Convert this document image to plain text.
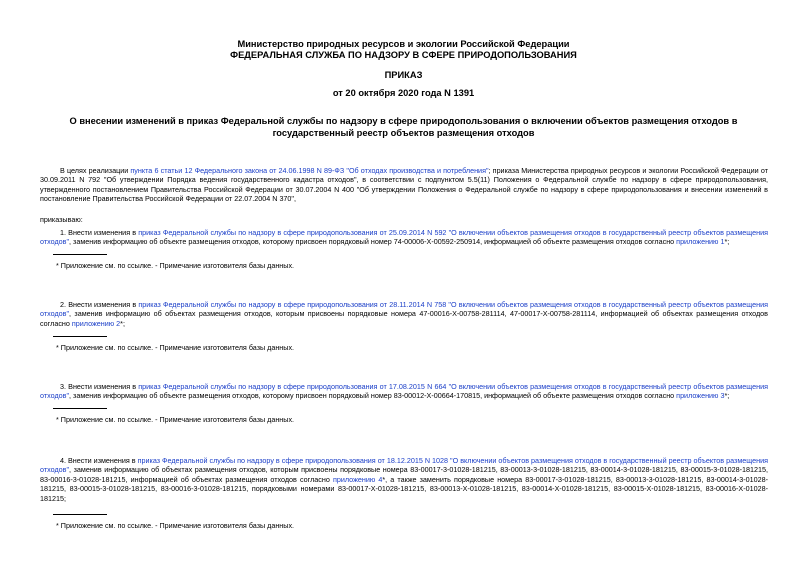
Министерство природных ресурсов и экологии Российской Федерации
ФЕДЕРАЛЬНАЯ СЛУЖБА ПО НАДЗОРУ В СФЕРЕ ПРИРОДОПОЛЬЗОВАНИЯ
ПРИКАЗ
от 20 октября 2020 года N 1391
О внесении изменений в приказ Федеральной службы по надзору в сфере природопользования о включении объектов размещения отходов в государственный реестр объектов размещения отходов
В целях реализации пункта 6 статьи 12 Федерального закона от 24.06.1998 N 89-ФЗ "Об отходах производства и потребления"; приказа Министерства природных ресурсов и экологии Российской Федерации от 30.09.2011 N 792 "Об утверждении Порядка ведения государственного кадастра отходов", в соответствии с подпунктом 5.5(11) Положения о Федеральной службе по надзору в сфере природопользования, утвержденного постановлением Правительства Российской Федерации от 30.07.2004 N 400 "Об утверждении Положения о Федеральной службе по надзору в сфере природопользования и внесении изменений в постановление Правительства Российской Федерации от 22.07.2004 N 370",
приказываю:
1. Внести изменения в приказ Федеральной службы по надзору в сфере природопользования от 25.09.2014 N 592 "О включении объектов размещения отходов в государственный реестр объектов размещения отходов", заменив информацию об объекте размещения отходов, которому присвоен порядковый номер 74-00006-Х-00592-250914, информацией об объекте размещения отходов согласно приложению 1*;
* Приложение см. по ссылке. - Примечание изготовителя базы данных.
2. Внести изменения в приказ Федеральной службы по надзору в сфере природопользования от 28.11.2014 N 758 "О включении объектов размещения отходов в государственный реестр объектов размещения отходов", заменив информацию об объектах размещения отходов, которым присвоены порядковые номера 47-00016-Х-00758-281114, 47-00017-Х-00758-281114, информацией об объектах размещения отходов согласно приложению 2*;
* Приложение см. по ссылке. - Примечание изготовителя базы данных.
3. Внести изменения в приказ Федеральной службы по надзору в сфере природопользования от 17.08.2015 N 664 "О включении объектов размещения отходов в государственный реестр объектов размещения отходов", заменив информацию об объекте размещения отходов, которому присвоен порядковый номер 83-00012-Х-00664-170815, информацией об объекте размещения отходов согласно приложению 3*;
* Приложение см. по ссылке. - Примечание изготовителя базы данных.
4. Внести изменения в приказ Федеральной службы по надзору в сфере природопользования от 18.12.2015 N 1028 "О включении объектов размещения отходов в государственный реестр объектов размещения отходов", заменив информацию об объектах размещения отходов, которым присвоены порядковые номера 83-00017-3-01028-181215, 83-00013-3-01028-181215, 83-00014-3-01028-181215, 83-00015-3-01028-181215, 83-00016-3-01028-181215, информацией об объектах размещения отходов согласно приложению 4*, а также заменить порядковые номера 83-00017-3-01028-181215, 83-00013-3-01028-181215, 83-00014-3-01028-181215, 83-00015-3-01028-181215, 83-00016-3-01028-181215, порядковыми номерами 83-00017-Х-01028-181215, 83-00013-Х-01028-181215, 83-00014-Х-01028-181215, 83-00015-Х-01028-181215, 83-00016-Х-01028-181215;
* Приложение см. по ссылке. - Примечание изготовителя базы данных.
